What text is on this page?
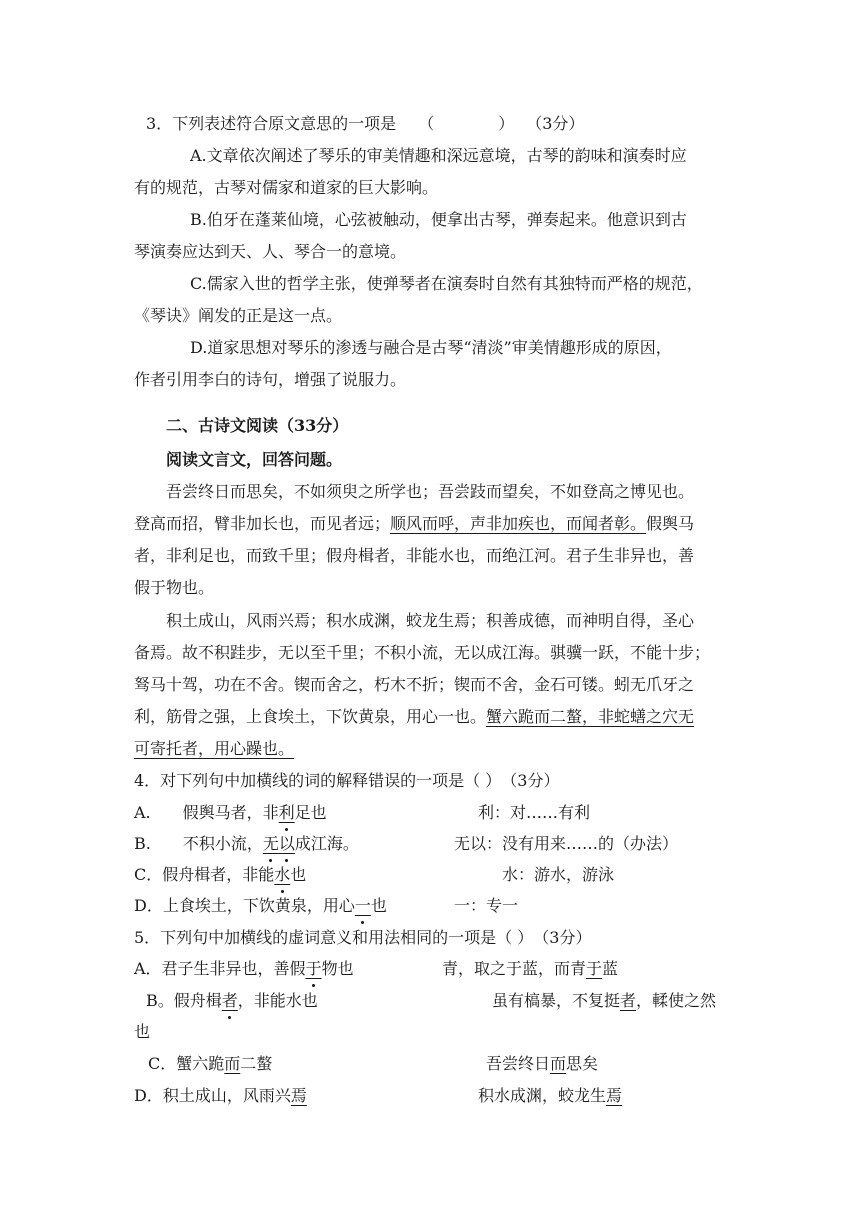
3．下列表述符合原文意思的一项是 （　　　　） （3分）
A.文章依次阐述了琴乐的审美情趣和深远意境，古琴的韵味和演奏时应
有的规范，古琴对儒家和道家的巨大影响。
B.伯牙在蓬莱仙境，心弦被触动，便拿出古琴，弹奏起来。他意识到古
琴演奏应达到天、人、琴合一的意境。
C.儒家入世的哲学主张，使弹琴者在演奏时自然有其独特而严格的规范，
《琴诀》阐发的正是这一点。
D.道家思想对琴乐的渗透与融合是古琴“清淡”审美情趣形成的原因，
作者引用李白的诗句，增强了说服力。
二、古诗文阅读（33分）
阅读文言文，回答问题。
吾尝终日而思矣，不如须臾之所学也；吾尝跂而望矣，不如登高之博见也。
登高而招，臂非加长也，而见者远；顺风而呼，声非加疾也，而闻者彰。假舆马
者，非利足也，而致千里；假舟楫者，非能水也，而绝江河。君子生非异也，善
假于物也。
积土成山，风雨兴焉；积水成渊，蛟龙生焉；积善成德，而神明自得，圣心
备焉。故不积跬步，无以至千里；不积小流，无以成江海。骐骥一跃，不能十步；
驽马十驾，功在不舍。锲而舍之，朽木不折；锲而不舍，金石可镂。蚓无爪牙之
利，筋骨之强，上食埃土，下饮黄泉，用心一也。蟹六跪而二螯，非蛇蟮之穴无
可寄托者，用心躁也。
4．对下列句中加横线的词的解释错误的一项是（ ）　（3分）
A.　　假舆马者，非利足也	利：对……有利
B.　　不积小流，无以成江海。	无以：没有用来……的（办法）
C．假舟楫者，非能水也	水：游水，游泳
D．上食埃土，下饮黄泉，用心一也	一：专一
5．下列句中加横线的虚词意义和用法相同的一项是（ ）　（3分）
A．君子生非异也，善假于物也	青，取之于蓝，而青于蓝
B。假舟楫者，非能水也	虽有槁暴，不复挺者，輮使之然
也
C．蟹六跪而二螯	吾尝终日而思矣
D．积土成山，风雨兴焉	积水成渊，蛟龙生焉
